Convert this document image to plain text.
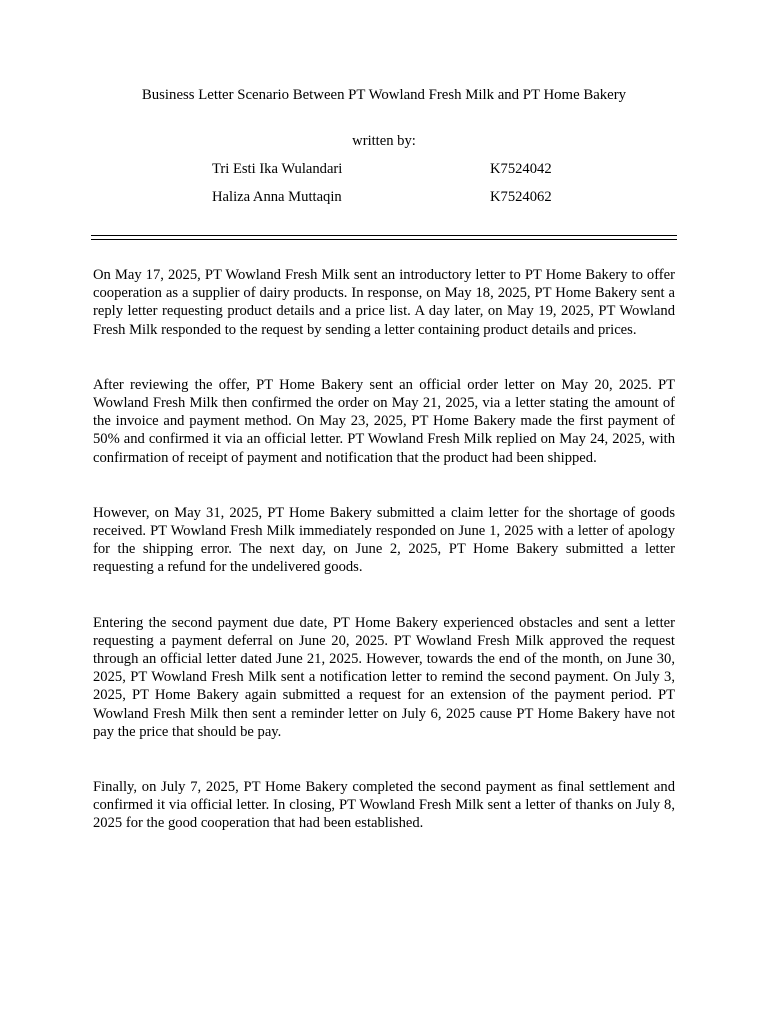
Business Letter Scenario Between PT Wowland Fresh Milk and PT Home Bakery
written by:
Tri Esti Ika Wulandari	K7524042
Haliza Anna Muttaqin	K7524062

On May 17, 2025, PT Wowland Fresh Milk sent an introductory letter to PT Home Bakery to offer cooperation as a supplier of dairy products. In response, on May 18, 2025, PT Home Bakery sent a reply letter requesting product details and a price list. A day later, on May 19, 2025, PT Wowland Fresh Milk responded to the request by sending a letter containing product details and prices.

After reviewing the offer, PT Home Bakery sent an official order letter on May 20, 2025. PT Wowland Fresh Milk then confirmed the order on May 21, 2025, via a letter stating the amount of the invoice and payment method. On May 23, 2025, PT Home Bakery made the first payment of 50% and confirmed it via an official letter. PT Wowland Fresh Milk replied on May 24, 2025, with confirmation of receipt of payment and notification that the product had been shipped.

However, on May 31, 2025, PT Home Bakery submitted a claim letter for the shortage of goods received. PT Wowland Fresh Milk immediately responded on June 1, 2025 with a letter of apology for the shipping error. The next day, on June 2, 2025, PT Home Bakery submitted a letter requesting a refund for the undelivered goods.

Entering the second payment due date, PT Home Bakery experienced obstacles and sent a letter requesting a payment deferral on June 20, 2025. PT Wowland Fresh Milk approved the request through an official letter dated June 21, 2025. However, towards the end of the month, on June 30, 2025, PT Wowland Fresh Milk sent a notification letter to remind the second payment. On July 3, 2025, PT Home Bakery again submitted a request for an extension of the payment period. PT Wowland Fresh Milk then sent a reminder letter on July 6, 2025 cause PT Home Bakery have not pay the price that should be pay.

Finally, on July 7, 2025, PT Home Bakery completed the second payment as final settlement and confirmed it via official letter. In closing, PT Wowland Fresh Milk sent a letter of thanks on July 8, 2025 for the good cooperation that had been established.
